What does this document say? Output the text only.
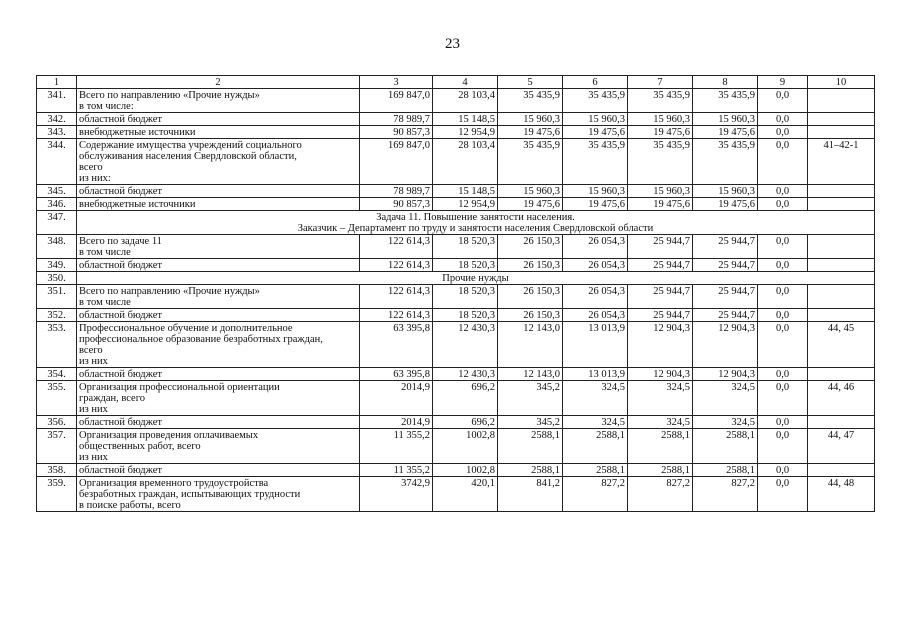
23
1	2	3	4	5	6	7	8	9	10
341.	Всего по направлению «Прочие нужды»
в том числе:	169 847,0	28 103,4	35 435,9	35 435,9	35 435,9	35 435,9	0,0	
342.	областной бюджет	78 989,7	15 148,5	15 960,3	15 960,3	15 960,3	15 960,3	0,0	
343.	внебюджетные источники	90 857,3	12 954,9	19 475,6	19 475,6	19 475,6	19 475,6	0,0	
344.	Содержание имущества учреждений социального
обслуживания населения Свердловской области,
всего
из них:	169 847,0	28 103,4	35 435,9	35 435,9	35 435,9	35 435,9	0,0	41–42-1
345.	областной бюджет	78 989,7	15 148,5	15 960,3	15 960,3	15 960,3	15 960,3	0,0	
346.	внебюджетные источники	90 857,3	12 954,9	19 475,6	19 475,6	19 475,6	19 475,6	0,0	
347.	Задача 11. Повышение занятости населения.
Заказчик – Департамент по труду и занятости населения Свердловской области								

348.	Всего по задаче 11
в том числе	122 614,3	18 520,3	26 150,3	26 054,3	25 944,7	25 944,7	0,0	
349.	областной бюджет	122 614,3	18 520,3	26 150,3	26 054,3	25 944,7	25 944,7	0,0	
350.	Прочие нужды								

351.	Всего по направлению «Прочие нужды»
в том числе	122 614,3	18 520,3	26 150,3	26 054,3	25 944,7	25 944,7	0,0	
352.	областной бюджет	122 614,3	18 520,3	26 150,3	26 054,3	25 944,7	25 944,7	0,0	
353.	Профессиональное обучение и дополнительное
профессиональное образование безработных граждан,
всего
из них	63 395,8	12 430,3	12 143,0	13 013,9	12 904,3	12 904,3	0,0	44, 45
354.	областной бюджет	63 395,8	12 430,3	12 143,0	13 013,9	12 904,3	12 904,3	0,0	
355.	Организация профессиональной ориентации
граждан, всего
из них	2014,9	696,2	345,2	324,5	324,5	324,5	0,0	44, 46
356.	областной бюджет	2014,9	696,2	345,2	324,5	324,5	324,5	0,0	
357.	Организация проведения оплачиваемых
общественных работ, всего
из них	11 355,2	1002,8	2588,1	2588,1	2588,1	2588,1	0,0	44, 47
358.	областной бюджет	11 355,2	1002,8	2588,1	2588,1	2588,1	2588,1	0,0	
359.	Организация временного трудоустройства
безработных граждан, испытывающих трудности
в поиске работы, всего	3742,9	420,1	841,2	827,2	827,2	827,2	0,0	44, 48
